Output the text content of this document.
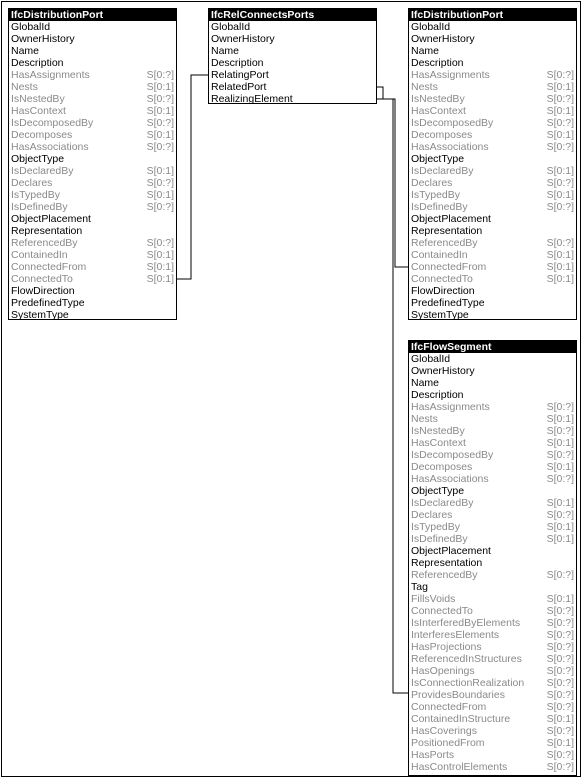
IfcDistributionPort
GlobalId
OwnerHistory
Name
Description
HasAssignments	S[0:?]
Nests	S[0:1]
IsNestedBy	S[0:?]
HasContext	S[0:1]
IsDecomposedBy	S[0:?]
Decomposes	S[0:1]
HasAssociations	S[0:?]
ObjectType
IsDeclaredBy	S[0:1]
Declares	S[0:?]
IsTypedBy	S[0:1]
IsDefinedBy	S[0:?]
ObjectPlacement
Representation
ReferencedBy	S[0:?]
ContainedIn	S[0:1]
ConnectedFrom	S[0:1]
ConnectedTo	S[0:1]
FlowDirection
PredefinedType
SystemType
IfcRelConnectsPorts
GlobalId
OwnerHistory
Name
Description
RelatingPort
RelatedPort
RealizingElement
IfcDistributionPort
GlobalId
OwnerHistory
Name
Description
HasAssignments	S[0:?]
Nests	S[0:1]
IsNestedBy	S[0:?]
HasContext	S[0:1]
IsDecomposedBy	S[0:?]
Decomposes	S[0:1]
HasAssociations	S[0:?]
ObjectType
IsDeclaredBy	S[0:1]
Declares	S[0:?]
IsTypedBy	S[0:1]
IsDefinedBy	S[0:?]
ObjectPlacement
Representation
ReferencedBy	S[0:?]
ContainedIn	S[0:1]
ConnectedFrom	S[0:1]
ConnectedTo	S[0:1]
FlowDirection
PredefinedType
SystemType
IfcFlowSegment
GlobalId
OwnerHistory
Name
Description
HasAssignments	S[0:?]
Nests	S[0:1]
IsNestedBy	S[0:?]
HasContext	S[0:1]
IsDecomposedBy	S[0:?]
Decomposes	S[0:1]
HasAssociations	S[0:?]
ObjectType
IsDeclaredBy	S[0:1]
Declares	S[0:?]
IsTypedBy	S[0:1]
IsDefinedBy	S[0:1]
ObjectPlacement
Representation
ReferencedBy	S[0:?]
Tag
FillsVoids	S[0:1]
ConnectedTo	S[0:?]
IsInterferedByElements	S[0:?]
InterferesElements	S[0:?]
HasProjections	S[0:?]
ReferencedInStructures S[0:?]
HasOpenings	S[0:?]
IsConnectionRealization S[0:?]
ProvidesBoundaries	S[0:?]
ConnectedFrom	S[0:?]
ContainedInStructure	S[0:1]
HasCoverings	S[0:?]
PositionedFrom	S[0:1]
HasPorts	S[0:?]
HasControlElements	S[0:?]
